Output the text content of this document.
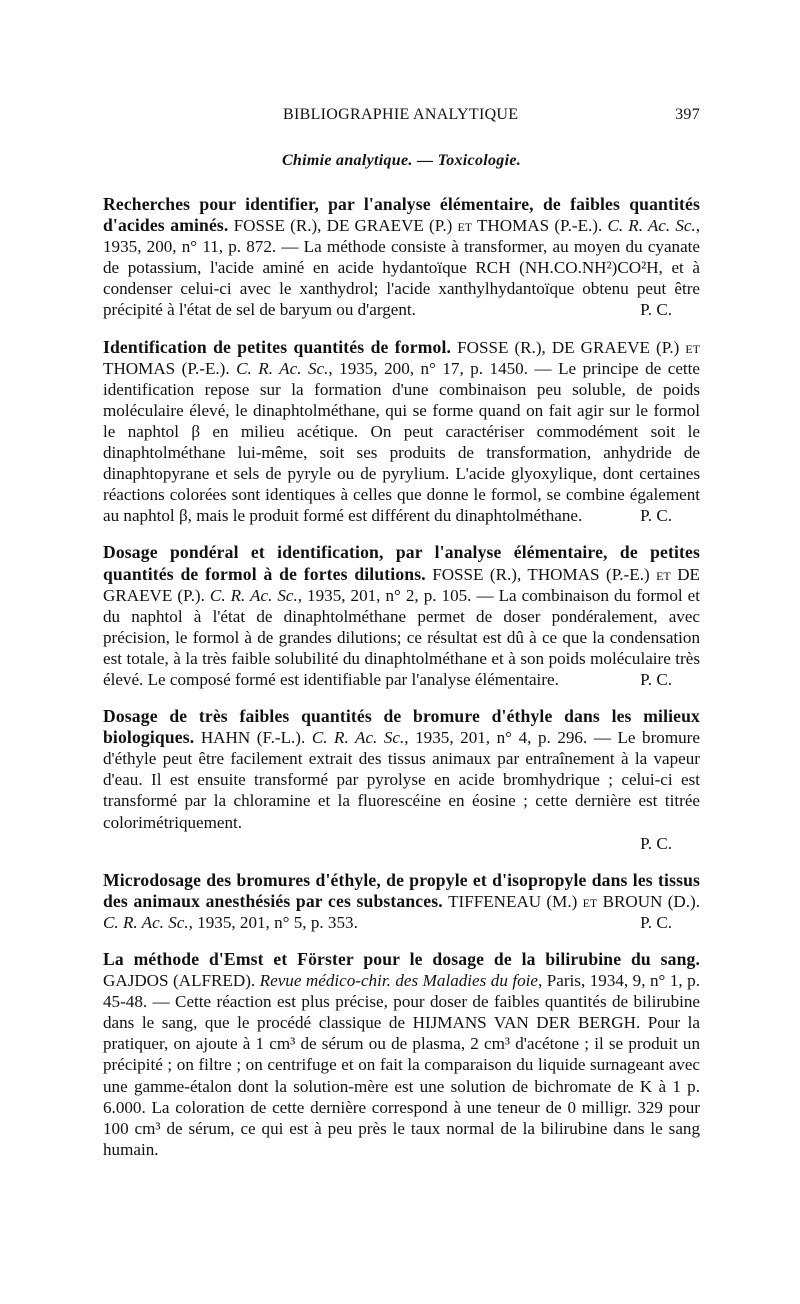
BIBLIOGRAPHIE ANALYTIQUE	397
Chimie analytique. — Toxicologie.

Recherches pour identifier, par l'analyse élémentaire, de faibles quantités d'acides aminés. FOSSE (R.), DE GRAEVE (P.) et THOMAS (P.-E.). C. R. Ac. Sc., 1935, 200, n° 11, p. 872. — La méthode consiste à transformer, au moyen du cyanate de potassium, l'acide aminé en acide hydantoïque RCH (NH.CO.NH²)CO²H, et à condenser celui-ci avec le xanthydrol; l'acide xanthylhydantoïque obtenu peut être précipité à l'état de sel de baryum ou d'argent.	P. C.

Identification de petites quantités de formol. FOSSE (R.), DE GRAEVE (P.) et THOMAS (P.-E.). C. R. Ac. Sc., 1935, 200, n° 17, p. 1450. — Le principe de cette identification repose sur la formation d'une combinaison peu soluble, de poids moléculaire élevé, le dinaphtolméthane, qui se forme quand on fait agir sur le formol le naphtol β en milieu acétique. On peut caractériser commodément soit le dinaphtolméthane lui-même, soit ses produits de transformation, anhydride de dinaphtopyrane et sels de pyryle ou de pyrylium. L'acide glyoxylique, dont certaines réactions colorées sont identiques à celles que donne le formol, se combine également au naphtol β, mais le produit formé est différent du dinaphtolméthane.	P. C.

Dosage pondéral et identification, par l'analyse élémentaire, de petites quantités de formol à de fortes dilutions. FOSSE (R.), THOMAS (P.-E.) et DE GRAEVE (P.). C. R. Ac. Sc., 1935, 201, n° 2, p. 105. — La combinaison du formol et du naphtol à l'état de dinaphtolméthane permet de doser pondéralement, avec précision, le formol à de grandes dilutions; ce résultat est dû à ce que la condensation est totale, à la très faible solubilité du dinaphtolméthane et à son poids moléculaire très élevé. Le composé formé est identifiable par l'analyse élémentaire.	P. C.

Dosage de très faibles quantités de bromure d'éthyle dans les milieux biologiques. HAHN (F.-L.). C. R. Ac. Sc., 1935, 201, n° 4, p. 296. — Le bromure d'éthyle peut être facilement extrait des tissus animaux par entraînement à la vapeur d'eau. Il est ensuite transformé par pyrolyse en acide bromhydrique ; celui-ci est transformé par la chloramine et la fluorescéine en éosine ; cette dernière est titrée colorimétriquement.
P. C.

Microdosage des bromures d'éthyle, de propyle et d'isopropyle dans les tissus des animaux anesthésiés par ces substances. TIFFENEAU (M.) et BROUN (D.). C. R. Ac. Sc., 1935, 201, n° 5, p. 353.	P. C.

La méthode d'Emst et Förster pour le dosage de la bilirubine du sang. GAJDOS (ALFRED). Revue médico-chir. des Maladies du foie, Paris, 1934, 9, n° 1, p. 45-48. — Cette réaction est plus précise, pour doser de faibles quantités de bilirubine dans le sang, que le procédé classique de HIJMANS VAN DER BERGH. Pour la pratiquer, on ajoute à 1 cm³ de sérum ou de plasma, 2 cm³ d'acétone ; il se produit un précipité ; on filtre ; on centrifuge et on fait la comparaison du liquide surnageant avec une gamme-étalon dont la solution-mère est une solution de bichromate de K à 1 p. 6.000. La coloration de cette dernière correspond à une teneur de 0 milligr. 329 pour 100 cm³ de sérum, ce qui est à peu près le taux normal de la bilirubine dans le sang humain.
